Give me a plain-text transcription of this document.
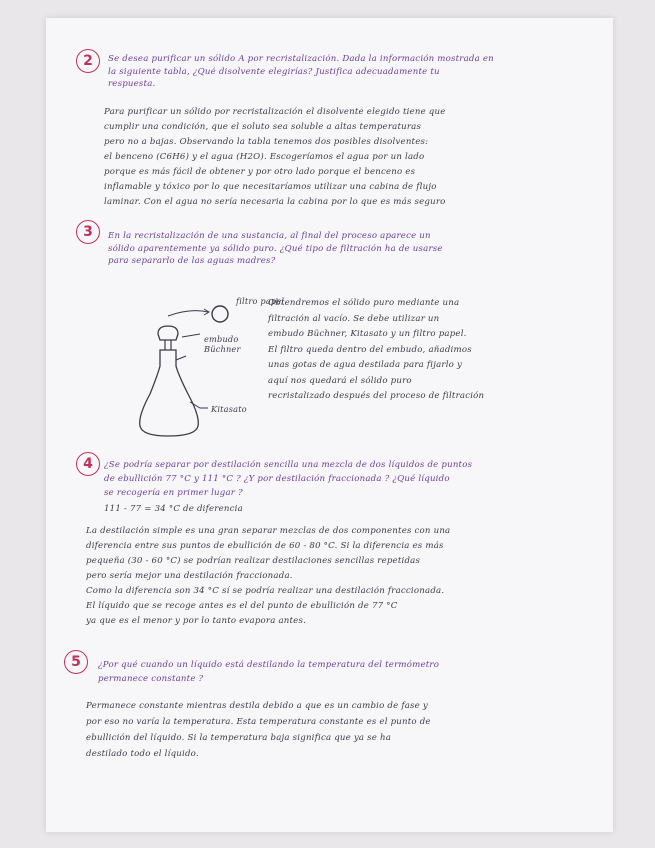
2	Se desea purificar un sólido A por recristalización. Dada la información mostrada en
la siguiente tabla, ¿Qué disolvente elegirías? Justifica adecuadamente tu
respuesta.
Para purificar un sólido por recristalización el disolvente elegido tiene que
cumplir una condición, que el soluto sea soluble a altas temperaturas
pero no a bajas. Observando la tabla tenemos dos posibles disolventes:
el benceno (C6H6) y el agua (H2O). Escogeríamos el agua por un lado
porque es más fácil de obtener y por otro lado porque el benceno es
inflamable y tóxico por lo que necesitaríamos utilizar una cabina de flujo
laminar. Con el agua no sería necesaria la cabina por lo que es más seguro
3	En la recristalización de una sustancia, al final del proceso aparece un
sólido aparentemente ya sólido puro. ¿Qué tipo de filtración ha de usarse
para separarlo de las aguas madres?
filtro papel
embudo Büchner
Kitasato
Obtendremos el sólido puro mediante una
filtración al vacío. Se debe utilizar un
embudo Büchner, Kitasato y un filtro papel.
El filtro queda dentro del embudo, añadimos
unas gotas de agua destilada para fijarlo y
aquí nos quedará el sólido puro
recristalizado después del proceso de filtración
4	¿Se podría separar por destilación sencilla una mezcla de dos líquidos de puntos
de ebullición 77 °C y 111 °C ? ¿Y por destilación fraccionada ? ¿Qué líquido
se recogería en primer lugar ?
111 - 77 = 34 °C de diferencia
La destilación simple es una gran separar mezclas de dos componentes con una
diferencia entre sus puntos de ebullición de 60 - 80 °C. Si la diferencia es más
pequeña (30 - 60 °C) se podrían realizar destilaciones sencillas repetidas
pero sería mejor una destilación fraccionada.
Como la diferencia son 34 °C sí se podría realizar una destilación fraccionada.
El líquido que se recoge antes es el del punto de ebullición de 77 °C
ya que es el menor y por lo tanto evapora antes.
5	¿Por qué cuando un líquido está destilando la temperatura del termómetro
permanece constante ?
Permanece constante mientras destila debido a que es un cambio de fase y
por eso no varía la temperatura. Esta temperatura constante es el punto de
ebullición del líquido. Si la temperatura baja significa que ya se ha
destilado todo el líquido.
